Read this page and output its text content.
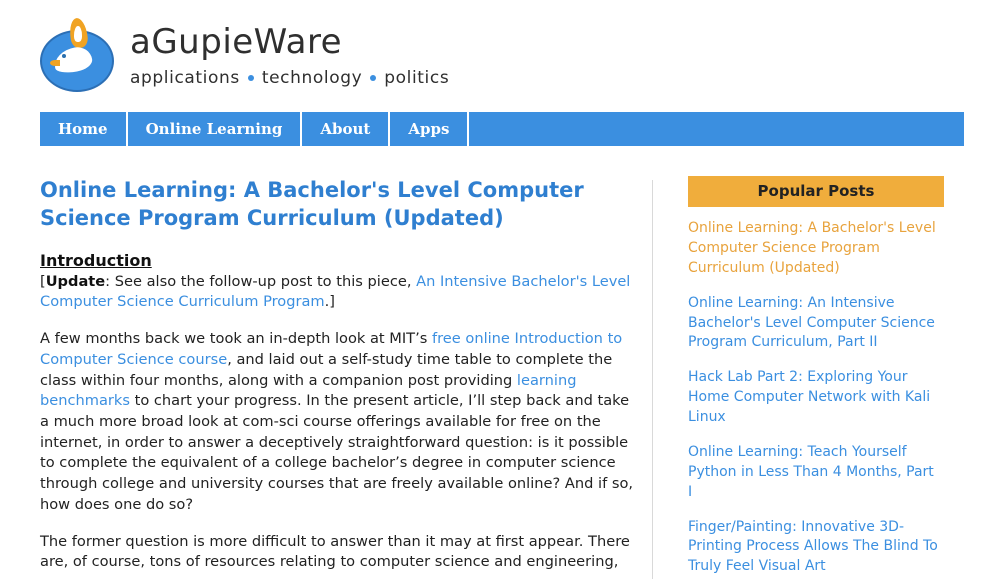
aGupieWare
applications technology politics
Home	Online Learning	About	Apps
Online Learning: A Bachelor's Level Computer Science Program Curriculum (Updated)
Introduction

[Update: See also the follow-up post to this piece, An Intensive Bachelor's Level Computer Science Curriculum Program.]

A few months back we took an in-depth look at MIT’s free online Introduction to Computer Science course, and laid out a self-study time table to complete the class within four months, along with a companion post providing learning benchmarks to chart your progress. In the present article, I’ll step back and take a much more broad look at com-sci course offerings available for free on the internet, in order to answer a deceptively straightforward question: is it possible to complete the equivalent of a college bachelor’s degree in computer science through college and university courses that are freely available online? And if so, how does one do so?

The former question is more difficult to answer than it may at first appear. There are, of course, tons of resources relating to computer science and engineering,

Popular Posts
Online Learning: A Bachelor's Level Computer Science Program Curriculum (Updated)
Online Learning: An Intensive Bachelor's Level Computer Science Program Curriculum, Part II
Hack Lab Part 2: Exploring Your Home Computer Network with Kali Linux
Online Learning: Teach Yourself Python in Less Than 4 Months, Part I
Finger/Painting: Innovative 3D-Printing Process Allows The Blind To Truly Feel Visual Art
